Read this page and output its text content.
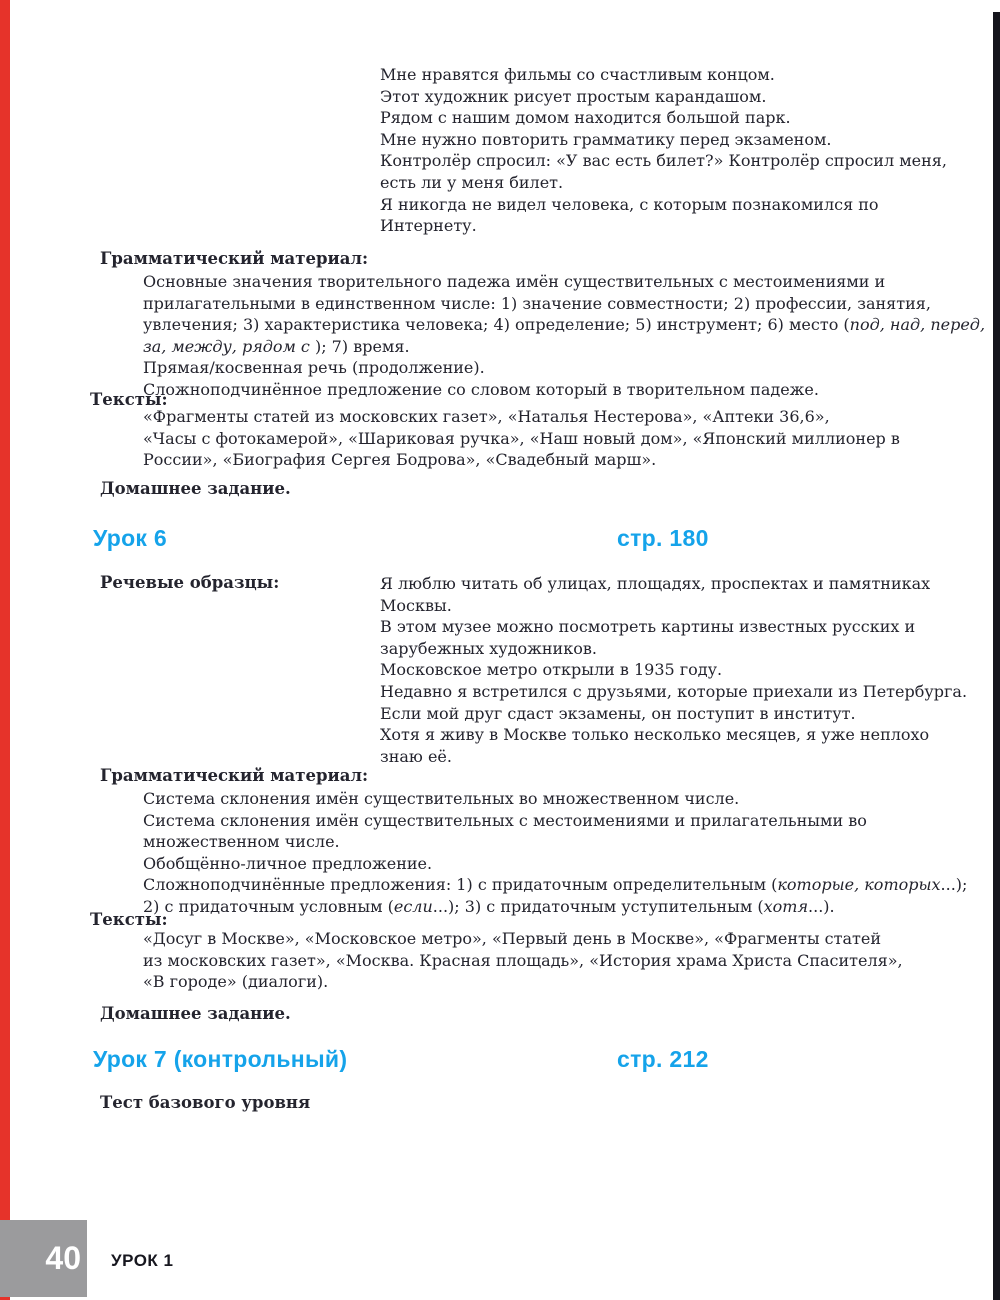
Мне нравятся фильмы со счастливым концом.
Этот художник рисует простым карандашом.
Рядом с нашим домом находится большой парк.
Мне нужно повторить грамматику перед экзаменом.
Контролёр спросил: «У вас есть билет?» Контролёр спросил меня,
есть ли у меня билет.
Я никогда не видел человека, с которым познакомился по
Интернету.
Грамматический материал:
Основные значения творительного падежа имён существительных с местоимениями и
прилагательными в единственном числе: 1) значение совместности; 2) профессии, занятия,
увлечения; 3) характеристика человека; 4) определение; 5) инструмент; 6) место (под, над, перед,
за, между, рядом с ); 7) время.
Прямая/косвенная речь (продолжение).
Сложноподчинённое предложение со словом который в творительном падеже.
Тексты:
«Фрагменты статей из московских газет», «Наталья Нестерова», «Аптеки 36,6»,
«Часы с фотокамерой», «Шариковая ручка», «Наш новый дом», «Японский миллионер в
России», «Биография Сергея Бодрова», «Свадебный марш».
Домашнее задание.
Урок 6	стр. 180
Речевые образцы:	Я люблю читать об улицах, площадях, проспектах и памятниках
Москвы.
В этом музее можно посмотреть картины известных русских и
зарубежных художников.
Московское метро открыли в 1935 году.
Недавно я встретился с друзьями, которые приехали из Петербурга.
Если мой друг сдаст экзамены, он поступит в институт.
Хотя я живу в Москве только несколько месяцев, я уже неплохо
знаю её.
Грамматический материал:
Система склонения имён существительных во множественном числе.
Система склонения имён существительных с местоимениями и прилагательными во
множественном числе.
Обобщённо-личное предложение.
Сложноподчинённые предложения: 1) с придаточным определительным (которые, которых...);
2) с придаточным условным (если...); 3) с придаточным уступительным (хотя...).
Тексты:
«Досуг в Москве», «Московское метро», «Первый день в Москве», «Фрагменты статей
из московских газет», «Москва. Красная площадь», «История храма Христа Спасителя»,
«В городе» (диалоги).
Домашнее задание.
Урок 7 (контрольный)	стр. 212
Тест базового уровня
40 УРОК 1
